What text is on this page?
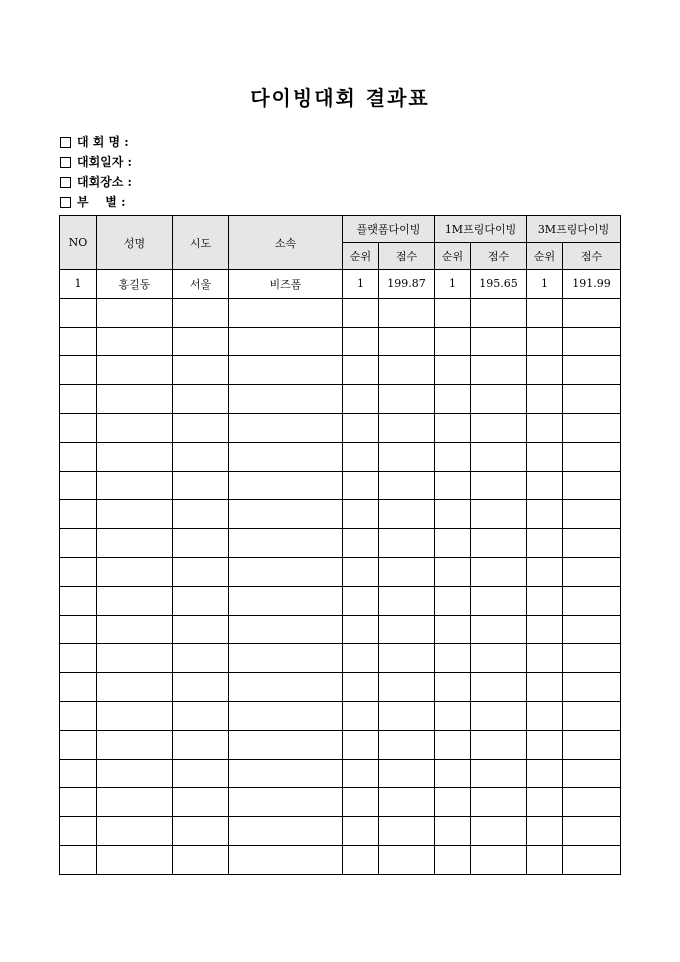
다이빙대회 결과표
대 회 명 :
대회일자 :
대회장소 :
부    별 :
NO	성명	시도	소속	플랫폼다이빙		1M프링다이빙		3M프링다이빙	
				순위	점수	순위	점수	순위	점수
1	홍길동	서울	비즈폼	1	199.87	1	195.65	1	191.99
